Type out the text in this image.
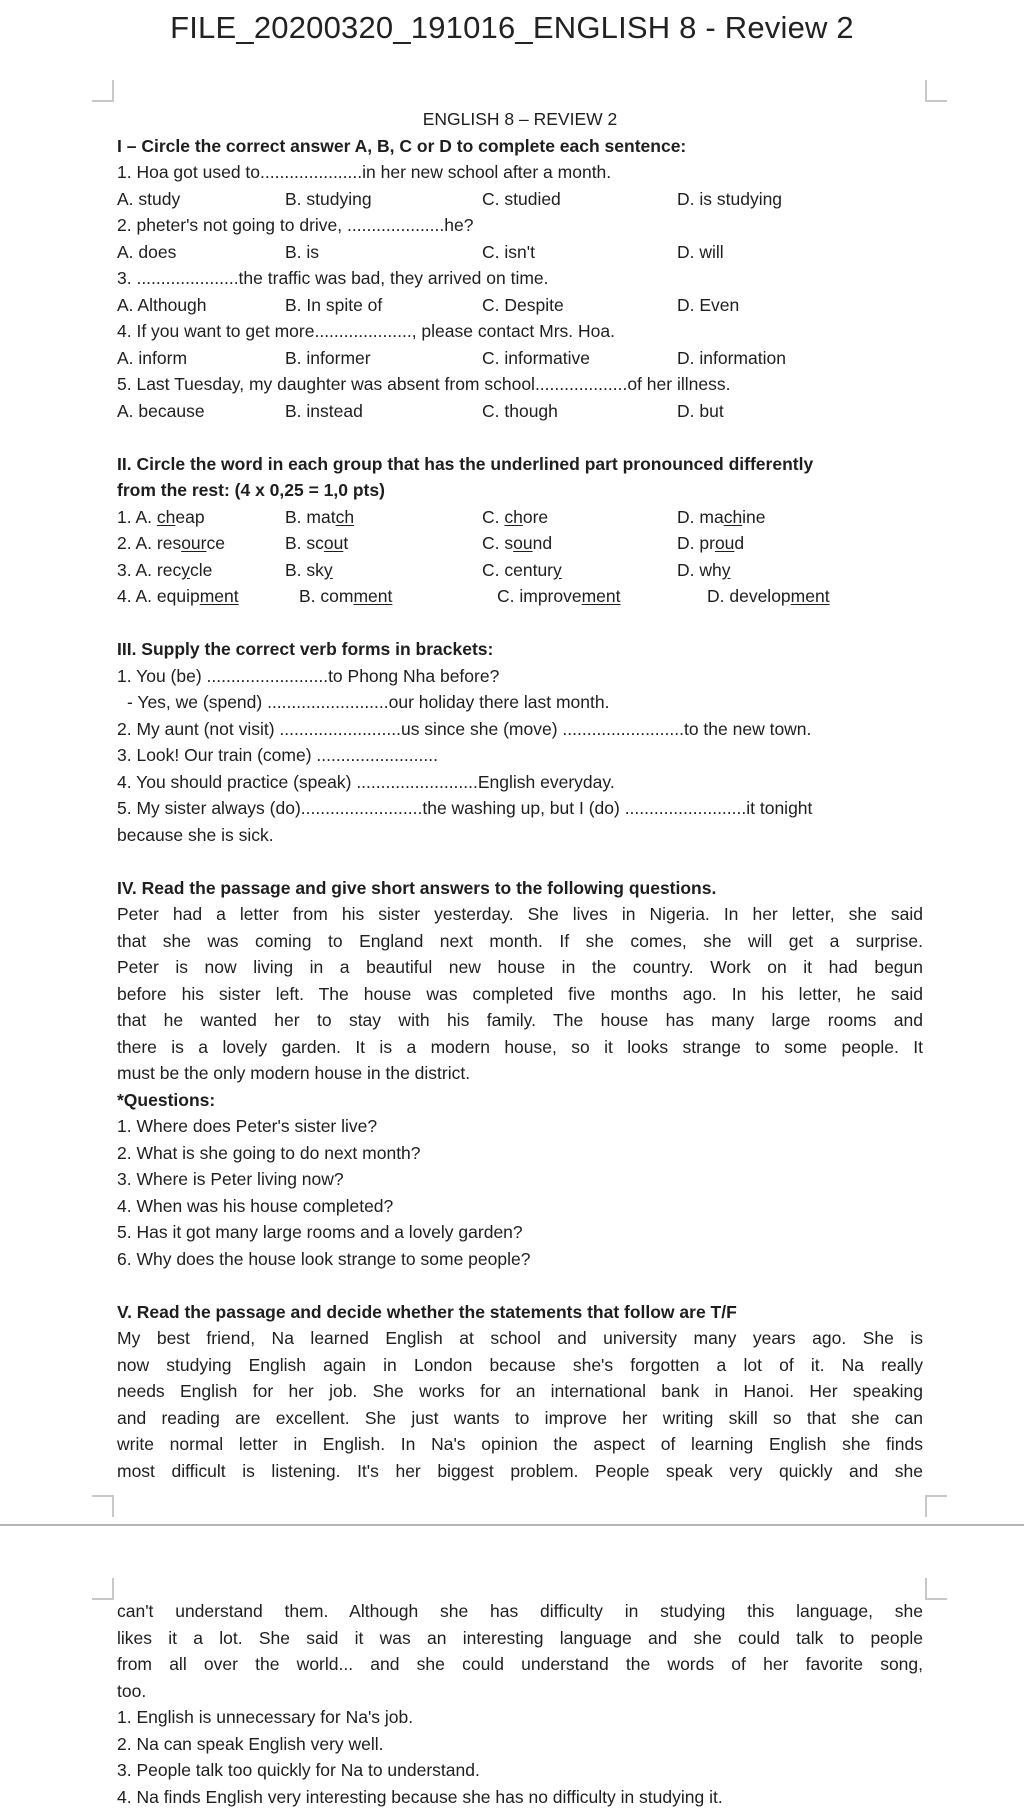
FILE_20200320_191016_ENGLISH 8 - Review 2
ENGLISH 8 – REVIEW 2
I – Circle the correct answer A, B, C or D to complete each sentence:
1. Hoa got used to.....................in her new school after a month.
A. study	B. studying	C. studied	D. is studying
2. pheter's not going to drive, ....................he?
A. does	B. is	C. isn't	D. will
3. .....................the traffic was bad, they arrived on time.
A. Although	B. In spite of	C. Despite	D. Even
4. If you want to get more...................., please contact Mrs. Hoa.
A. inform	B. informer	C. informative	D. information
5. Last Tuesday, my daughter was absent from school...................of her illness.
A. because	B. instead	C. though	D. but
II. Circle the word in each group that has the underlined part pronounced differently
from the rest: (4 x 0,25 = 1,0 pts)
1. A. cheap	B. match	C. chore	D. machine
2. A. resource	B. scout	C. sound	D. proud
3. A. recycle	B. sky	C. century	D. why
4. A. equipment	B. comment	C. improvement	D. development
III. Supply the correct verb forms in brackets:
1. You (be) .........................to Phong Nha before?
- Yes, we (spend) .........................our holiday there last month.
2. My aunt (not visit) .........................us since she (move) .........................to the new town.
3. Look! Our train (come) .........................
4. You should practice (speak) .........................English everyday.
5. My sister always (do).........................the washing up, but I (do) .........................it tonight
because she is sick.
IV. Read the passage and give short answers to the following questions.
Peter had a letter from his sister yesterday. She lives in Nigeria. In her letter, she said
that she was coming to England next month. If she comes, she will get a surprise.
Peter is now living in a beautiful new house in the country. Work on it had begun
before his sister left. The house was completed five months ago. In his letter, he said
that he wanted her to stay with his family. The house has many large rooms and
there is a lovely garden. It is a modern house, so it looks strange to some people. It
must be the only modern house in the district.
*Questions:
1. Where does Peter's sister live?
2. What is she going to do next month?
3. Where is Peter living now?
4. When was his house completed?
5. Has it got many large rooms and a lovely garden?
6. Why does the house look strange to some people?
V. Read the passage and decide whether the statements that follow are T/F
My best friend, Na learned English at school and university many years ago. She is
now studying English again in London because she's forgotten a lot of it. Na really
needs English for her job. She works for an international bank in Hanoi. Her speaking
and reading are excellent. She just wants to improve her writing skill so that she can
write normal letter in English. In Na's opinion the aspect of learning English she finds
most difficult is listening. It's her biggest problem. People speak very quickly and she
can't understand them. Although she has difficulty in studying this language, she
likes it a lot. She said it was an interesting language and she could talk to people
from all over the world... and she could understand the words of her favorite song,
too.
1. English is unnecessary for Na's job.
2. Na can speak English very well.
3. People talk too quickly for Na to understand.
4. Na finds English very interesting because she has no difficulty in studying it.
